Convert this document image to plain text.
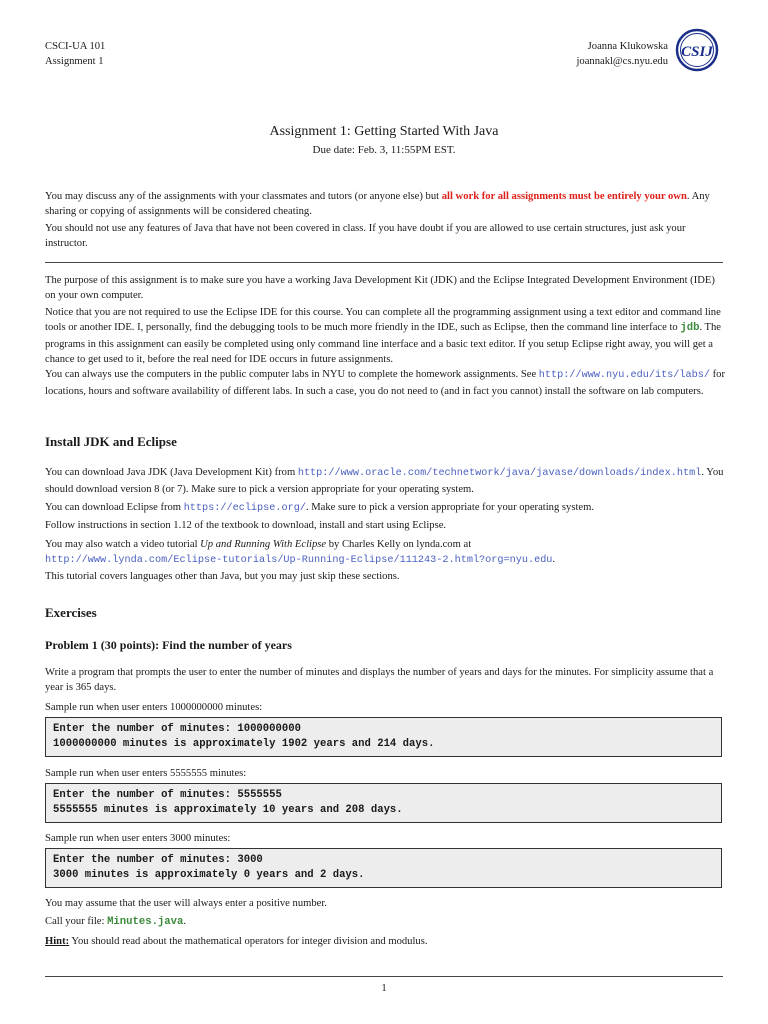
CSCI-UA 101
Assignment 1
Joanna Klukowska
joannakl@cs.nyu.edu
CSIJ
Assignment 1: Getting Started With Java
Due date: Feb. 3, 11:55PM EST.

You may discuss any of the assignments with your classmates and tutors (or anyone else) but all work for all assignments must be entirely your own. Any sharing or copying of assignments will be considered cheating.

You should not use any features of Java that have not been covered in class. If you have doubt if you are allowed to use certain structures, just ask your instructor.

The purpose of this assignment is to make sure you have a working Java Development Kit (JDK) and the Eclipse Integrated Development Environment (IDE) on your own computer.

Notice that you are not required to use the Eclipse IDE for this course. You can complete all the programming assignment using a text editor and command line tools or another IDE. I, personally, find the debugging tools to be much more friendly in the IDE, such as Eclipse, then the command line interface to jdb. The programs in this assignment can easily be completed using only command line interface and a basic text editor. If you setup Eclipse right away, you will get a chance to get used to it, before the real need for IDE occurs in future assignments.

You can always use the computers in the public computer labs in NYU to complete the homework assignments. See http://www.nyu.edu/its/labs/ for locations, hours and software availability of different labs. In such a case, you do not need to (and in fact you cannot) install the software on lab computers.

Install JDK and Eclipse

You can download Java JDK (Java Development Kit) from http://www.oracle.com/technetwork/java/javase/downloads/index.html. You should download version 8 (or 7). Make sure to pick a version appropriate for your operating system.

You can download Eclipse from https://eclipse.org/. Make sure to pick a version appropriate for your operating system.

Follow instructions in section 1.12 of the textbook to download, install and start using Eclipse.

You may also watch a video tutorial Up and Running With Eclipse by Charles Kelly on lynda.com at
http://www.lynda.com/Eclipse-tutorials/Up-Running-Eclipse/111243-2.html?org=nyu.edu.
This tutorial covers languages other than Java, but you may just skip these sections.

Exercises
Problem 1 (30 points): Find the number of years

Write a program that prompts the user to enter the number of minutes and displays the number of years and days for the minutes. For simplicity assume that a year is 365 days.

Sample run when user enters 1000000000 minutes:

Enter the number of minutes: 1000000000
1000000000 minutes is approximately 1902 years and 214 days.

Sample run when user enters 5555555 minutes:

Enter the number of minutes: 5555555
5555555 minutes is approximately 10 years and 208 days.

Sample run when user enters 3000 minutes:

Enter the number of minutes: 3000
3000 minutes is approximately 0 years and 2 days.

You may assume that the user will always enter a positive number.

Call your file: Minutes.java.

Hint: You should read about the mathematical operators for integer division and modulus.

1
